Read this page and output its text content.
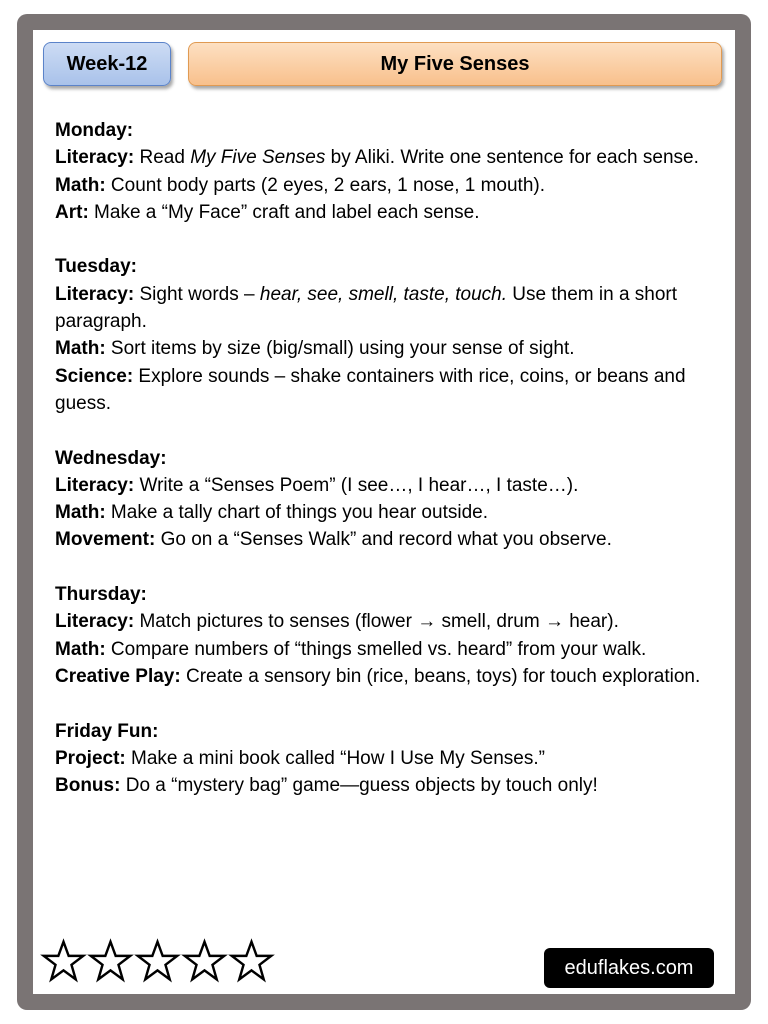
Week-12	My Five Senses
Monday:
Literacy: Read My Five Senses by Aliki. Write one sentence for each sense.
Math: Count body parts (2 eyes, 2 ears, 1 nose, 1 mouth).
Art: Make a “My Face” craft and label each sense.
Tuesday:
Literacy: Sight words – hear, see, smell, taste, touch. Use them in a short paragraph.
Math: Sort items by size (big/small) using your sense of sight.
Science: Explore sounds – shake containers with rice, coins, or beans and guess.
Wednesday:
Literacy: Write a “Senses Poem” (I see…, I hear…, I taste…).
Math: Make a tally chart of things you hear outside.
Movement: Go on a “Senses Walk” and record what you observe.
Thursday:
Literacy: Match pictures to senses (flower → smell, drum → hear).
Math: Compare numbers of “things smelled vs. heard” from your walk.
Creative Play: Create a sensory bin (rice, beans, toys) for touch exploration.
Friday Fun:
Project: Make a mini book called “How I Use My Senses.”
Bonus: Do a “mystery bag” game—guess objects by touch only!
eduflakes.com
